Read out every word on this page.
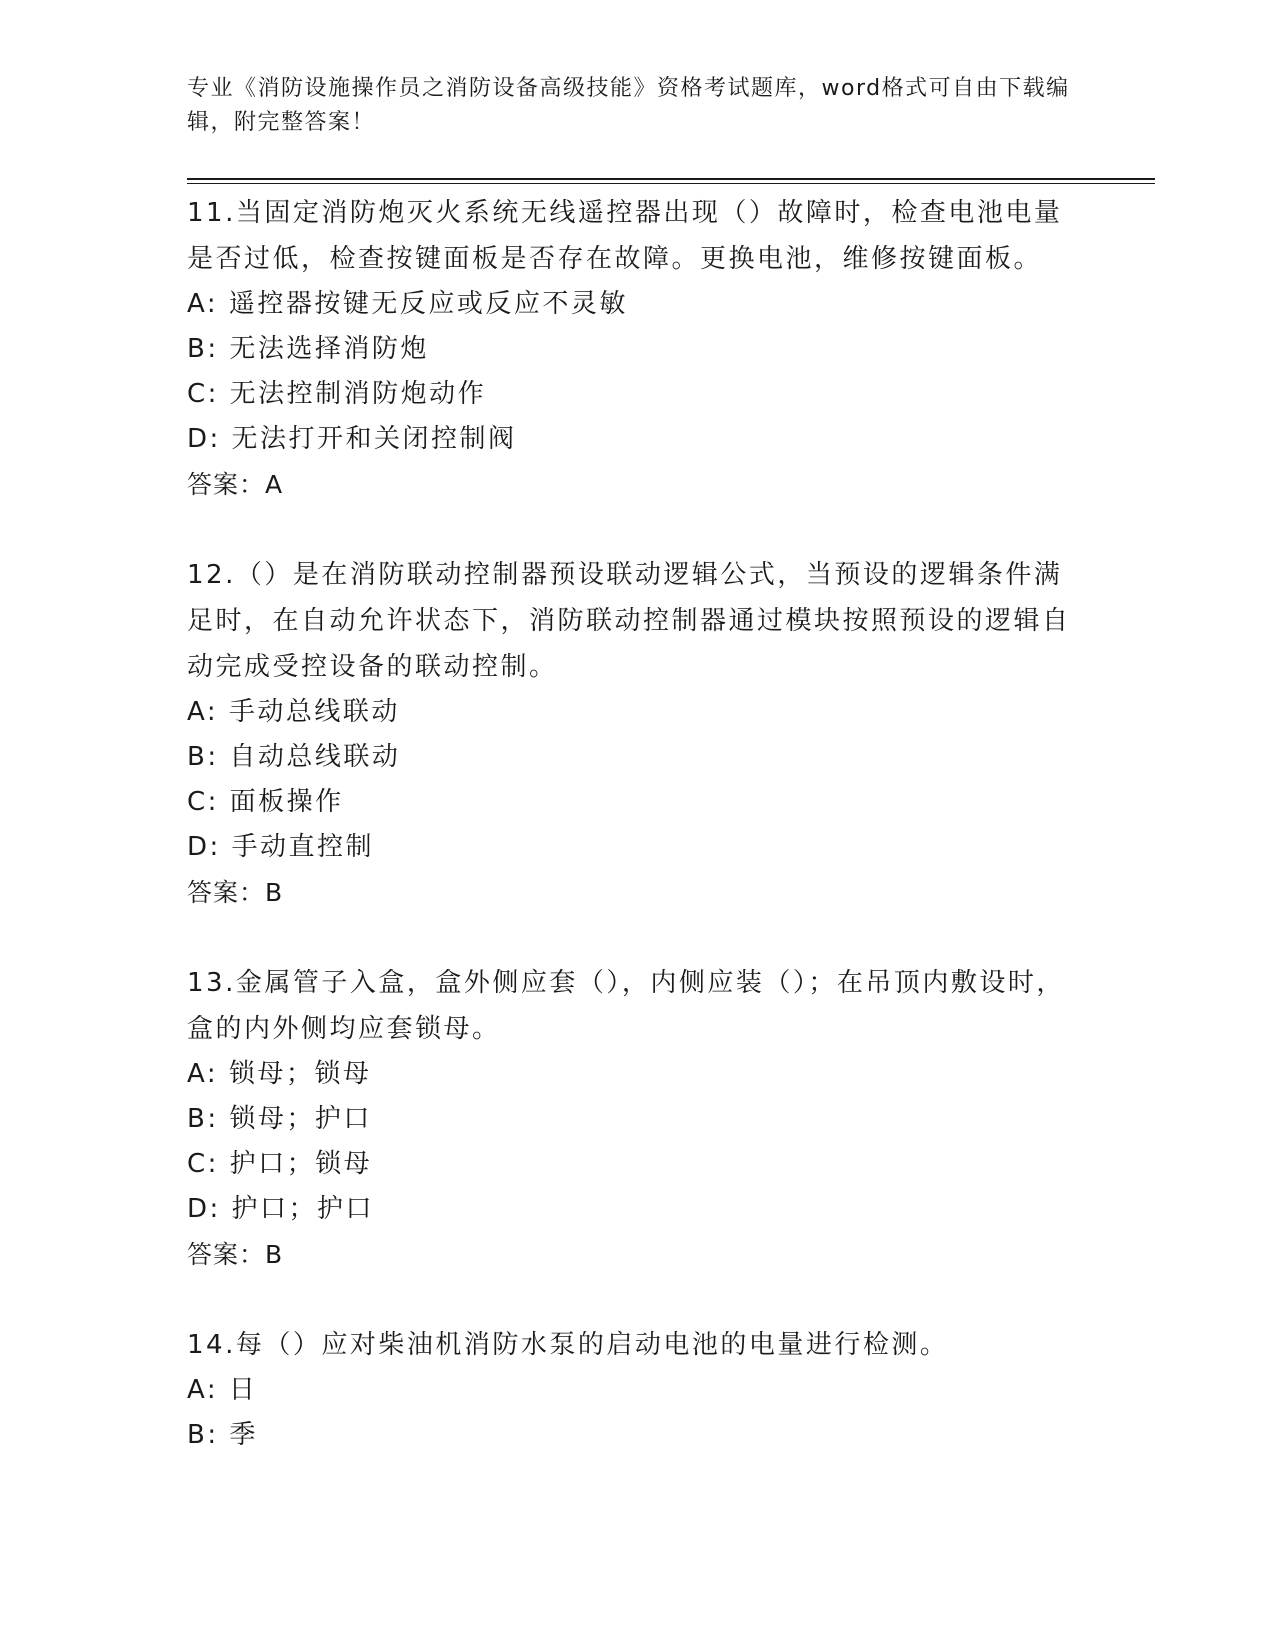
专业《消防设施操作员之消防设备高级技能》资格考试题库，word格式可自由下载编辑，附完整答案！
11.当固定消防炮灭火系统无线遥控器出现（）故障时，检查电池电量是否过低，检查按键面板是否存在故障。更换电池，维修按键面板。
A: 遥控器按键无反应或反应不灵敏
B: 无法选择消防炮
C: 无法控制消防炮动作
D: 无法打开和关闭控制阀
答案：A
12.（）是在消防联动控制器预设联动逻辑公式，当预设的逻辑条件满足时，在自动允许状态下，消防联动控制器通过模块按照预设的逻辑自动完成受控设备的联动控制。
A: 手动总线联动
B: 自动总线联动
C: 面板操作
D: 手动直控制
答案：B
13.金属管子入盒，盒外侧应套（），内侧应装（）；在吊顶内敷设时，盒的内外侧均应套锁母。
A: 锁母；锁母
B: 锁母；护口
C: 护口；锁母
D: 护口；护口
答案：B
14.每（）应对柴油机消防水泵的启动电池的电量进行检测。
A: 日
B: 季
